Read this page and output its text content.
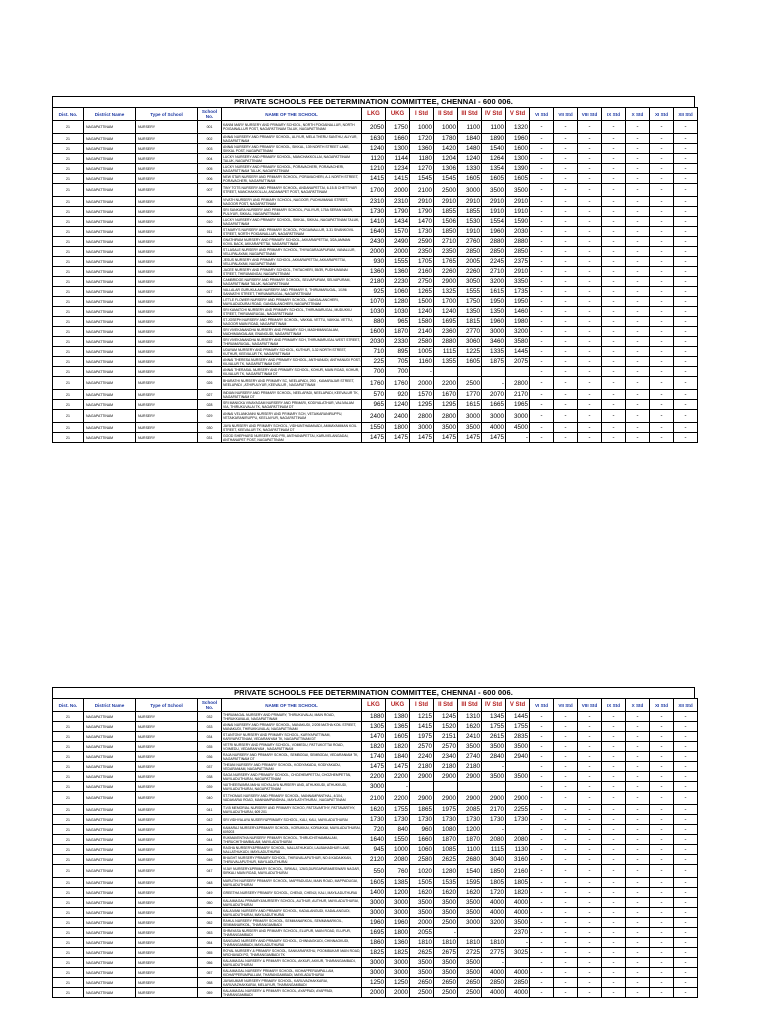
PRIVATE SCHOOLS FEE DETERMINATION COMMITTEE, CHENNAI - 600 006.
Dist. No.	District Name	Type of School	School No.	NAME OF THE SCHOOL	LKG	UKG	I Std	II Std	III Std	IV Std	V Std	VI Std	VII Std	VIII Std	IX Std	X Std	XI Std	XII Std
21	NAGAPATTINAM	NURSERY	001	KANNI MARY NURSERY AND PRIMARY SCHOOL, NORTH POIGAINALLUR, NORTH POIGAINALLUR POST, NAGAPATTINAM TALUK, NAGAPATTINAM	2050	1750	1000	1000	1100	1100	1320	-	-	-	-	-	-	-
21	NAGAPATTINAM	NURSERY	002	ANNAI NURSERY AND PRIMARY SCHOOL, ALIYUR, MELA THERU SANTHU, ALIYUR, NAGAPATTINAM	1630	1660	1720	1780	1840	1890	1960	-	-	-	-	-	-	-
21	NAGAPATTINAM	NURSERY	003	ANNAI NURSERY AND PRIMARY SCHOOL, SIKKAL, 139 NORTH STREET LANE, SIKKAL POST, NAGAPATTINAM	1240	1300	1360	1420	1480	1540	1600	-	-	-	-	-	-	-
21	NAGAPATTINAM	NURSERY	004	LUCKY NURSERY AND PRIMARY SCHOOL, MANCHAKKOLLAI, NAGAPATTINAM TALUK, NAGAPATTINAM	1120	1144	1180	1204	1240	1264	1300	-	-	-	-	-	-	-
21	NAGAPATTINAM	NURSERY	005	LUCKY NURSERY AND PRIMARY SCHOOL, PORAVACHERI, PORAVACHERI, NAGAPATTINAM TALUK, NAGAPATTINAM	1210	1234	1270	1306	1330	1354	1390	-	-	-	-	-	-	-
21	NAGAPATTINAM	NURSERY	006	NEW STAR NURSERY AND PRIMARY SCHOOL, PORAVACHERI, A-1 NORTH STREET, PORAVACHERI, NAGAPATTINAM	1415	1415	1545	1545	1605	1605	1605	-	-	-	-	-	-	-
21	NAGAPATTINAM	NURSERY	007	TINY TOTS NURSERY AND PRIMARY SCHOOL, ANDANAPETTAI, 6-15-B CHETTIYAR STREET, MANCHAKKOLLAI, ANDANAPET POST, NAGAPATTINAM	1700	2000	2100	2500	3000	3500	3500	-	-	-	-	-	-	-
21	NAGAPATTINAM	NURSERY	008	VIVATH NURSERY AND PRIMARY SCHOOL, NAGOOR, PUDHUMANAI STREET, NAGOOR POST, NAGAPATTINAM	2310	2310	2910	2910	2910	2910	2910	-	-	-	-	-	-	-
21	NAGAPATTINAM	NURSERY	009	SRI SANKARA NURSERY AND PRIMARY SCHOOL, PULIYUR, 175A SERAN NAGR, PULIYUR, SIKKAL, NAGAPATTINAM	1730	1790	1790	1855	1855	1910	1910	-	-	-	-	-	-	-
21	NAGAPATTINAM	NURSERY	010	LUCKY NURSERY AND PRIMARY SCHOOL, SIKKAL, SIKKAL, NAGAPATTINAM TALUK, NAGAPATTINAM	1410	1434	1470	1506	1530	1554	1590	-	-	-	-	-	-	-
21	NAGAPATTINAM	NURSERY	011	ST.MARY'S NURSERY AND PRIMARY SCHOOL, POIGAINALLUR, 3-31 SIVANKOVIL STREET, NORTH POIGAINALLUR, NAGAPATTINAM	1640	1570	1730	1850	1910	1960	2030	-	-	-	-	-	-	-
21	NAGAPATTINAM	NURSERY	012	GNATHIRAM NURSERY AND PRIMARY SCHOOL, AKKARAIPETTAI, 3/2A,AMMAN KOVIL BACK, AKKARAPETTAI, NAGAPATTINAM	2430	2490	2590	2710	2760	2880	2880	-	-	-	-	-	-	-
21	NAGAPATTINAM	NURSERY	013	ST.LASALE NURSERY AND PRIMARY SCHOOL, THIYAGARAJAPURAM, VANALLUR, VELLIPALAYAM, NAGAPATTINAM	2000	2000	2350	2350	2850	2850	2850	-	-	-	-	-	-	-
21	NAGAPATTINAM	NURSERY	014	JESUS NURSERY AND PRIMARY SCHOOL, AKKARAPETTAI, AKKARAPETTAI, VELLIPALAYAM, NAGAPATTINAM	930	1555	1705	1765	2005	2245	2375	-	-	-	-	-	-	-
21	NAGAPATTINAM	NURSERY	015	JACEE NURSERY AND PRIMARY SCHOOL, THITACHERI, 55/39, PUDHUMANAI STREET, THIRUMANGAI, NAGAPATTINAM	1360	1360	2160	2260	2260	2710	2910	-	-	-	-	-	-	-
21	NAGAPATTINAM	NURSERY	016	CAMBRIDGE NURSERY AND PRIMARY SCHOOL, SELVAPURAM, SELVAPURAM, NAGAPATTINAM TALUK, NAGAPATTINAM	2180	2230	2750	2900	3050	3200	3350	-	-	-	-	-	-	-
21	NAGAPATTINAM	NURSERY	017	VALLALAR GURUKULAM NURSERY AND PRIMARY S, THIRUMARUGAL, 1/196 SANNATHI STREET, THIRUMARUGAL, NAGAPATTINAM	925	1060	1265	1325	1555	1615	1735	-	-	-	-	-	-	-
21	NAGAPATTINAM	NURSERY	018	LITTLE FLOWER NURSERY AND PRIMARY SCHOOL, GANGALANCHERI, MAYILADUDURAI ROAD, GANGALANCHERI, NAGAPATTINAM	1070	1280	1500	1700	1750	1950	1950	-	-	-	-	-	-	-
21	NAGAPATTINAM	NURSERY	019	SRI KAMATCHI NURSERY AND PRIMARY SCHOOL, THIRUMARUGAL, MUDUKKU STREET, THIRUMARUGAL, NAGAPATTINAM	1030	1030	1240	1240	1350	1350	1460	-	-	-	-	-	-	-
21	NAGAPATTINAM	NURSERY	020	ST.JOSEPH NURSERY AND PRIMARY SCHOOL, VAKKAL VETTU, VAKKAL VETTU, NAGOOR MAIN ROAD, NAGAPATTINAM	880	965	1580	1695	1815	1960	1980	-	-	-	-	-	-	-
21	NAGAPATTINAM	NURSERY	021	SRI VIVEKANANDHA NURSERY AND PRIMARY SCH, MADHIMANGALAM, MADHIMANGALAM, ENANGUDI, NAGAPATTINAM	1600	1870	2140	2360	2770	3000	3200	-	-	-	-	-	-	-
21	NAGAPATTINAM	NURSERY	022	SRI VIVEKANANDHA NURSERY AND PRIMARY SCH, THIRUMARUGAL WEST STREET, THIRUMARUGAL, NAGAPATTINAM	2030	2330	2580	2880	3060	3460	3580	-	-	-	-	-	-	-
21	NAGAPATTINAM	NURSERY	023	UDAYAM NURSERY AND PRIMARY SCHOOL, KUTHUR, 3-32 NORTH STREET, KUTHUR, KEEVALUR TK, NAGAPATTINAM	710	895	1005	1115	1225	1335	1445	-	-	-	-	-	-	-
21	NAGAPATTINAM	NURSERY	024	ANNAI THERESA NURSERY AND PRIMARY SCHOOL, ANTHANUDI, ANTHANUDI POST, KILVALUR TK, NAGAPATTINAM DIST	225	705	1160	1355	1605	1875	2075	-	-	-	-	-	-	-
21	NAGAPATTINAM	NURSERY	025	ANNAI THERASAL NURSERY AND PRIMARY SCHOOL, KOHUR, MAIN ROAD, KOHUR, KILVALUR TK, NAGAPATTINAM DT	700	700	-					-	-	-	-	-	-	-
21	NAGAPATTINAM	NURSERY	026	BHARATHI NURSERY AND PRIMARY SC, NEELAPADI, 29D , KAMARAJAR STREET, NEELAPADI , ATHIPULIYUR, KEEVALUR , NAGAPATTINAM	1760	1760	2000	2200	2500	-	2800	-	-	-	-	-	-	-
21	NAGAPATTINAM	NURSERY	027	INDIAN NURSERY AND PRIMARY SCHOOL, NEELAPADI, NEELAPADI, KEEVALUR TK, NAGAPATTINAM DT	570	920	1570	1670	1770	2070	2170	-	-	-	-	-	-	-
21	NAGAPATTINAM	NURSERY	028	SRI MANICKA VINAYAGAM NURSERY AND PRIMARI, KODIYALATHUR, VALIVALAM VIA, THIRUKUVALAI TK, NAGAPATTINAM DT	965	1240	1295	1295	1615	1665	1965	-	-	-	-	-	-	-
21	NAGAPATTINAM	NURSERY	029	ANNAI VELANKANNI NURSERY AND PRIMARY SCH, VETAIKARANIRUPPU, VETAIKARANIRUPPU, KEELAIYUR, NAGAPATTINAM	2400	2400	2800	2800	3000	3000	3000	-	-	-	-	-	-	-
21	NAGAPATTINAM	NURSERY	030	JAYA NURSERY AND PRIMARY SCHOOL, VIDHUNTHAMAVADI, AMMAYAMMAN KOIL STREET, KEEVALUR TK, NAGAPATTINAM DT	1550	1800	3000	3500	3500	4000	4500	-	-	-	-	-	-	-
21	NAGAPATTINAM	NURSERY	031	GOOD SHEPHARD NURSERY AND PRI, ANTHANAPETTAI, KARUVELANGADAI, ANTHANAPET POST, NAGAPATTINAM	1475	1475	1475	1475	1475	1475	-	-	-	-	-	-	-	-
PRIVATE SCHOOLS FEE DETERMINATION COMMITTEE, CHENNAI - 600 006.
Dist. No.	District Name	Type of School	School No.	NAME OF THE SCHOOL	LKG	UKG	I Std	II Std	III Std	IV Std	V Std	VI Std	VII Std	VIII Std	IX Std	X Std	XI Std	XII Std
21	NAGAPATTINAM	NURSERY	032	THIRUMAGAL NURSERY AND PRIMARY, THIRUKUVALAI, MAIN ROAD, THIRUKKAVALAI, NAGAPATTINAM	1880	1380	1215	1245	1310	1345	1445	-	-	-	-	-	-	-
21	NAGAPATTINAM	NURSERY	033	ANNAI NURSERY AND PRIMARY SCHOOL, MANAKUDI, 2/205 MATHA KOIL STREET, MANAKUDI, THIRUKKUVALAI, NAGAPATTINAM	1305	1365	1415	1520	1620	1755	1755	-	-	-	-	-	-	-
21	NAGAPATTINAM	NURSERY	034	ST.ANTONY NURSERY AND PRIMARY SCHOOL, KARIYAPATTINAM, KARIYAPATTINAM, VEDARANYAM TK, NAGAPATTINAM DT	1470	1605	1975	2151	2410	2615	2835	-	-	-	-	-	-	-
21	NAGAPATTINAM	NURSERY	035	VETRI NURSERY AND PRIMARY SCHOOL, VOIMEDU, PATTUKOTTAI ROAD, VOIMEDU, VEDARANYAM , NAGAPATTINAM	1820	1820	2570	2570	3500	3500	3500	-	-	-	-	-	-	-
21	NAGAPATTINAM	NURSERY	036	RAJA NURSERY AND PRIMARY SCHOOL, SEMBODAI, SEMBODAI, VEDARANIAM TK, NAGAPATTINAM DT	1740	1840	2240	2340	2740	2840	2940	-	-	-	-	-	-	-
21	NAGAPATTINAM	NURSERY	037	THEANI NURSERY AND PRIMARY SCHOOL, KODIYAKADU, KODIYAKADU, VEDARANIAM, NAGAPATTINAM	1475	1475	2180	2180	2180	-		-	-	-	-	-	-	-
21	NAGAPATTINAM	NURSERY	038	SAGA NURSERY AND PRIMARY SCHOOL, CHOZHEMPETTAI, CHOZHEMPETTAI, MAYILADUTHURAI, NAGAPATTINAM	2200	2200	2900	2900	2900	3500	3500	-	-	-	-	-	-	-
21	NAGAPATTINAM	NURSERY	039	VAITHEESWARA MAHA VIDYALAYA NURSERY AND, ATHUKKUDI, ATHUKKUDI, MAYILADUTHURAI, NAGAPATTINAM	3000	-						-	-	-	-	-	-	-
21	NAGAPATTINAM	NURSERY	040	ST.THOMAS NURSERY AND PRIMARY SCHOOL, MANNAMPANTHAL, 4/104, VADAKARAI ROAD, MANNAMPANDHAL, MAYILATHTHURAI , NAGAPATTINAM	2100	2200	2900	2900	2900	2900	2900	-	-	-	-	-	-	-
21	NAGAPATTINAM	NURSERY	041	T.V.B MEMORIAL NURSERY AND PRIMARY SCHOO, PATTAVARTHY, PATTAVARTHY, MAYILADUTHURAI, 609 201	1620	1755	1865	1975	2085	2170	2255	-	-	-	-	-	-	-
21	NAGAPATTINAM	NURSERY	042	SRI VIDHYALAYA NUSERY&PRIMARY SCHOOL, KALI, KALI, MAYILADUTHURAI	1730	1730	1730	1730	1730	1730	1730	-	-	-	-	-	-	-
21	NAGAPATTINAM	NURSERY	043	KAMARAJ NURSERY&PRIMARY SCHOOL, KORUKKAI, KORUKKAI, MAYILADUTHURAI, 609203	720	840	960	1080	1200	-		-	-	-	-	-	-	-
21	NAGAPATTINAM	NURSERY	044	RUKMAVENTHA NURSERY PRIMARY SCHOOL, THIRUCHITHAMBALAM, THIRUCHITHAMBALAM, MAYILADUTHURAI	1640	1550	1660	1870	1870	2080	2080	-	-	-	-	-	-	-
21	NAGAPATTINAM	NURSERY	045	RAGHA NURSERY&PRIMARY SCHOOL, NALLATHUKUDI, LALBAHADHUR LANE, NALLATHUKUDI, MAYILADUTHURAI	945	1000	1060	1085	1100	1115	1130	-	-	-	-	-	-	-
21	NAGAPATTINAM	NURSERY	046	BHAGHT NURSERY PRIMARY SCHOOL, THIRUVALAPUTHUR, NO.6 KADAIKKAN, THIRUVALAPUTHUR, MAYILADUTHURAI	2120	2080	2580	2625	2680	3040	3160	-	-	-	-	-	-	-
21	NAGAPATTINAM	NURSERY	047	VIJAY NURSERY&PRIMARY SCHOOL, SIRKALI, 126/3,DURGAPARAMESWARI NAGAR, SIRKALI MAIN ROAD, MAYILADUTHURAI	550	760	1020	1280	1540	1850	2160	-	-	-	-	-	-	-
21	NAGAPATTINAM	NURSERY	048	MARUTHI NURSERY PRIMARY SCHOOL, MAPPADUGAI, MAIN ROAD, MAPPADUGAI, MAYILADUTHURAI	1605	1385	1505	1535	1595	1805	1805	-	-	-	-	-	-	-
21	NAGAPATTINAM	NURSERY	049	GREETHA NURSERY PRIMARY SCHOOL, CHENJI, CHENJI, KALI, MAYILADUTHURAI	1400	1200	1620	1620	1620	1720	1820	-	-	-	-	-	-	-
21	NAGAPATTINAM	NURSERY	050	KALAIMAGAL PRIMARY&NURSERY SCHOOL, AUTHUR, AUTHUR, MAYILADUTHURAI, MAYILADUTHURAI	3000	3000	3500	3500	3500	4000	4000	-	-	-	-	-	-	-
21	NAGAPATTINAM	NURSERY	051	KALAIVANI NURSERY AND PRIMARY SCHOOL, KADALANGUDI, KADALANGUDI, MAYILADUTHURAI, MAYILADUTHURAI	3000	3000	3500	3500	3500	4000	4000	-	-	-	-	-	-	-
21	NAGAPATTINAM	NURSERY	052	RAHUL NURSERY PRIMARY SCHOOL, SEMMANARKOIL, SEMMANARKOIL, SEMMANARKOIL, THARANGAMBADI	1960	1960	2000	2500	3000	3200	3500	-	-	-	-	-	-	-
21	NAGAPATTINAM	NURSERY	053	SHRAYASA NURSERY AND PRIMARY SCHOOL, ELUPUR, MAIN ROAD, ELUPUR, THARANGAMBADI	1695	1800	2055	-			2370	-	-	-	-	-	-	-
21	NAGAPATTINAM	NURSERY	054	SANGUNG NURSERY AND PRIMARY SCHOOL, CHINNAGKUDI, CHINNAGKUDI, THARANGAMBADI, MAYILADUTHURAI	1860	1360	1810	1810	1810	1810	-	-	-	-	-	-	-	-
21	NAGAPATTINAM	NURSERY	055	ROYAL NURSERY & PRIMARY SCHOOL, SANKARAPATHU, POOMBUKAR MAIN ROAD, NRCHAVADI PO, THARANGAMBADI TK	1825	1825	2625	2675	2725	2775	3025	-	-	-	-	-	-	-
21	NAGAPATTINAM	NURSERY	056	KALAIMAGAL NURSERY & PRIMARY SCHOOL, AKKUR, AKKUR, THARANGAMBADI, MAYILADUTHURAI	3000	3000	3500	3500	3500	-		-	-	-	-	-	-	-
21	NAGAPATTINAM	NURSERY	057	KALAIMAGAL NURSERY PRIMARY SCHOOL, KIDHAPPERUMPALLAM, KIDHAPPERUMPALLAM, THARANGAMBADI, MAYILADUTHURAI	3000	3000	3500	3500	3500	4000	4000	-	-	-	-	-	-	-
21	NAGAPATTINAM	NURSERY	058	JAYAKUMAR NURSERY PRIMARY SCHOOL, KARUVAZHAKKARAI, KARUVAZHAKKARAI, MELAIYUR, THARANGAMBADI	1250	1250	2650	2650	2650	2850	2850	-	-	-	-	-	-	-
21	NAGAPATTINAM	NURSERY	059	KALAIMAGAL NURSERY & PRIMARY SCHOOL, AYAPPADI, AYAPPADI, THARANGAMBADI	2000	2000	2500	2500	2500	4000	4000	-	-	-	-	-	-	-
